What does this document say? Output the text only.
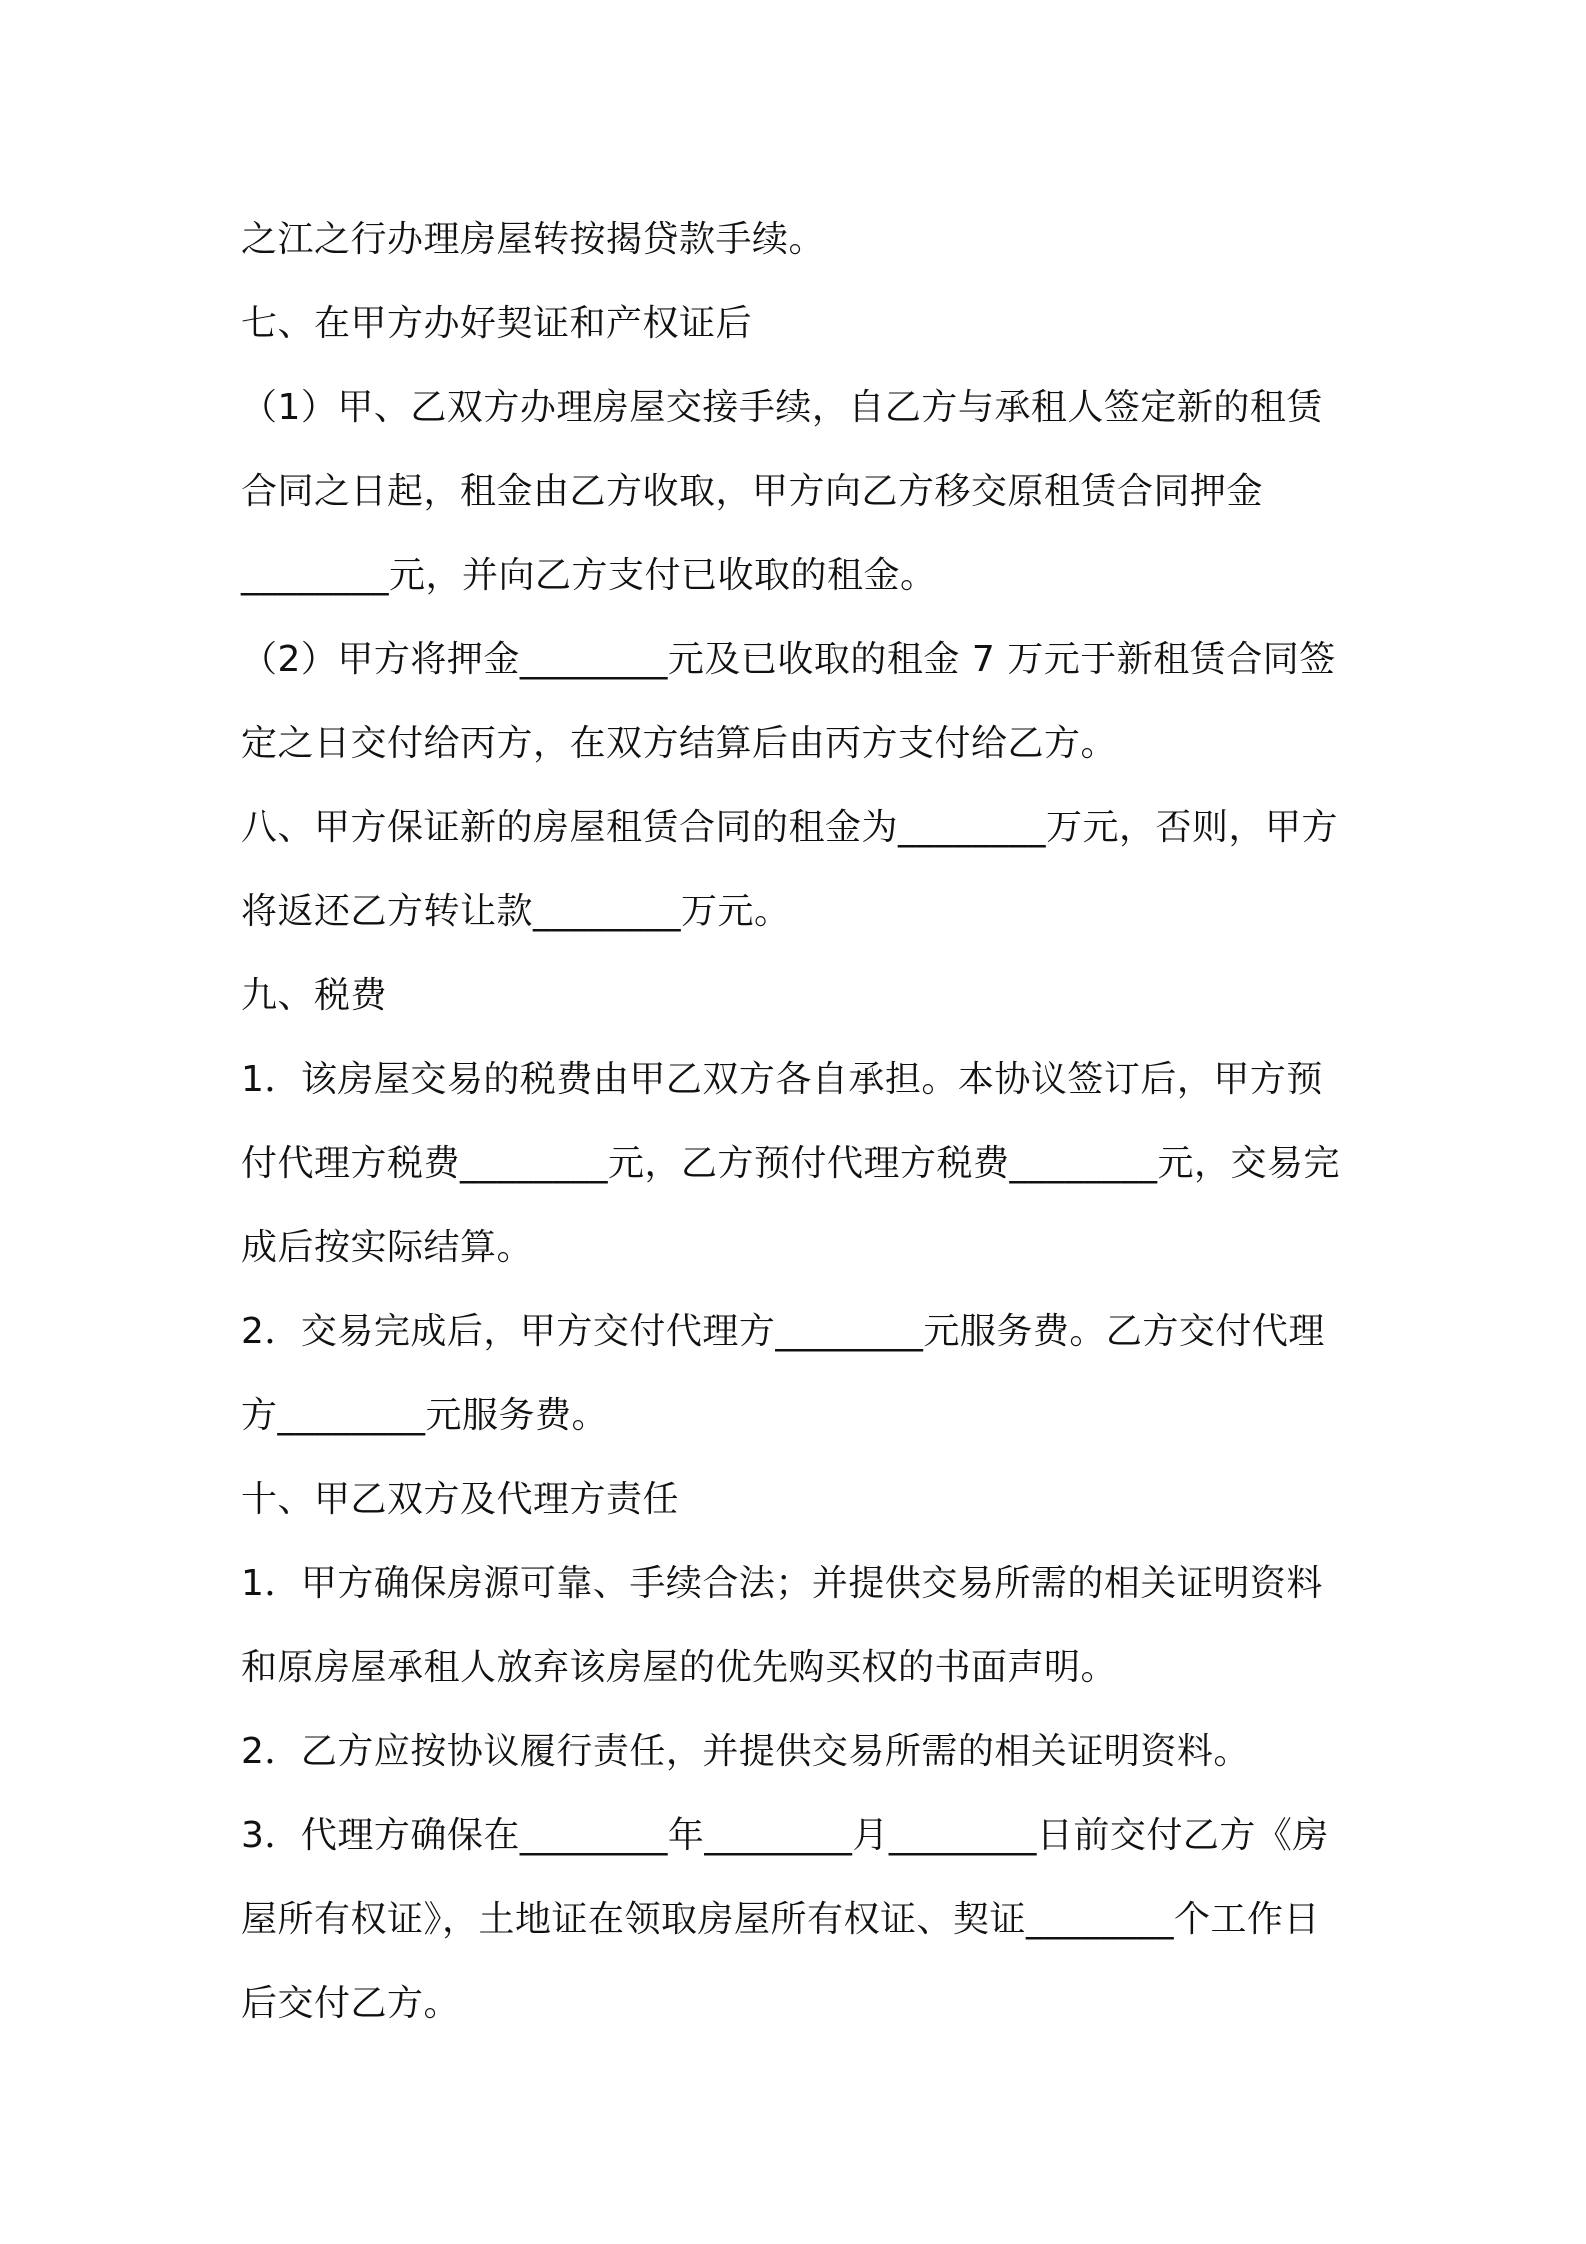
之江之行办理房屋转按揭贷款手续。
七、在甲方办好契证和产权证后
（1）甲、乙双方办理房屋交接手续，自乙方与承租人签定新的租赁
合同之日起，租金由乙方收取，甲方向乙方移交原租赁合同押金
________元，并向乙方支付已收取的租金。
（2）甲方将押金________元及已收取的租金 7 万元于新租赁合同签
定之日交付给丙方，在双方结算后由丙方支付给乙方。
八、甲方保证新的房屋租赁合同的租金为________万元，否则，甲方
将返还乙方转让款________万元。
九、税费
1．该房屋交易的税费由甲乙双方各自承担。本协议签订后，甲方预
付代理方税费________元，乙方预付代理方税费________元，交易完
成后按实际结算。
2．交易完成后，甲方交付代理方________元服务费。乙方交付代理
方________元服务费。
十、甲乙双方及代理方责任
1．甲方确保房源可靠、手续合法；并提供交易所需的相关证明资料
和原房屋承租人放弃该房屋的优先购买权的书面声明。
2．乙方应按协议履行责任，并提供交易所需的相关证明资料。
3．代理方确保在________年________月________日前交付乙方《房
屋所有权证》，土地证在领取房屋所有权证、契证________个工作日
后交付乙方。
